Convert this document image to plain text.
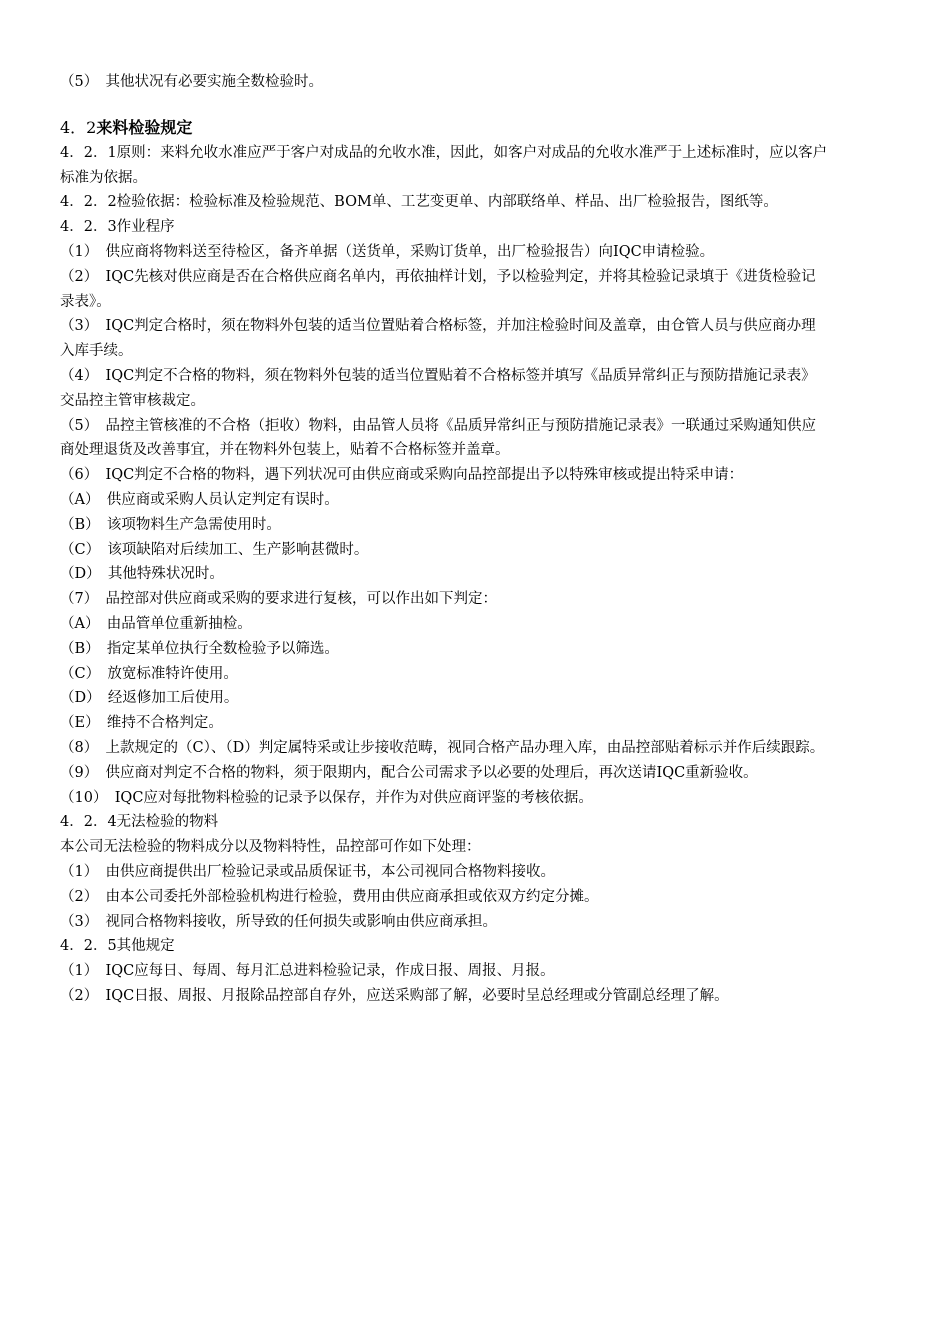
（5）　其他状况有必要实施全数检验时。
4．2来料检验规定
4．2．1原则：来料允收水准应严于客户对成品的允收水准，因此，如客户对成品的允收水准严于上述标准时，应以客户
标准为依据。
4．2．2检验依据：检验标准及检验规范、BOM单、工艺变更单、内部联络单、样品、出厂检验报告，图纸等。
4．2．3作业程序
（1）　供应商将物料送至待检区，备齐单据（送货单，采购订货单，出厂检验报告）向IQC申请检验。
（2）　IQC先核对供应商是否在合格供应商名单内，再依抽样计划，予以检验判定，并将其检验记录填于《进货检验记
录表》。
（3）　IQC判定合格时，须在物料外包装的适当位置贴着合格标签，并加注检验时间及盖章，由仓管人员与供应商办理
入库手续。
（4）　IQC判定不合格的物料，须在物料外包装的适当位置贴着不合格标签并填写《品质异常纠正与预防措施记录表》
交品控主管审核裁定。
（5）　品控主管核准的不合格（拒收）物料，由品管人员将《品质异常纠正与预防措施记录表》一联通过采购通知供应
商处理退货及改善事宜，并在物料外包装上，贴着不合格标签并盖章。
（6）　IQC判定不合格的物料，遇下列状况可由供应商或采购向品控部提出予以特殊审核或提出特采申请：
（A）　供应商或采购人员认定判定有误时。
（B）　该项物料生产急需使用时。
（C）　该项缺陷对后续加工、生产影响甚微时。
（D）　其他特殊状况时。
（7）　品控部对供应商或采购的要求进行复核，可以作出如下判定：
（A）　由品管单位重新抽检。
（B）　指定某单位执行全数检验予以筛选。
（C）　放宽标准特许使用。
（D）　经返修加工后使用。
（E）　维持不合格判定。
（8）　上款规定的（C）、（D）判定属特采或让步接收范畴，视同合格产品办理入库，由品控部贴着标示并作后续跟踪。
（9）　供应商对判定不合格的物料，须于限期内，配合公司需求予以必要的处理后，再次送请IQC重新验收。
（10）　IQC应对每批物料检验的记录予以保存，并作为对供应商评鉴的考核依据。
4．2．4无法检验的物料
本公司无法检验的物料成分以及物料特性，品控部可作如下处理：
（1）　由供应商提供出厂检验记录或品质保证书，本公司视同合格物料接收。
（2）　由本公司委托外部检验机构进行检验，费用由供应商承担或依双方约定分摊。
（3）　视同合格物料接收，所导致的任何损失或影响由供应商承担。
4．2．5其他规定
（1）　IQC应每日、每周、每月汇总进料检验记录，作成日报、周报、月报。
（2）　IQC日报、周报、月报除品控部自存外，应送采购部了解，必要时呈总经理或分管副总经理了解。
